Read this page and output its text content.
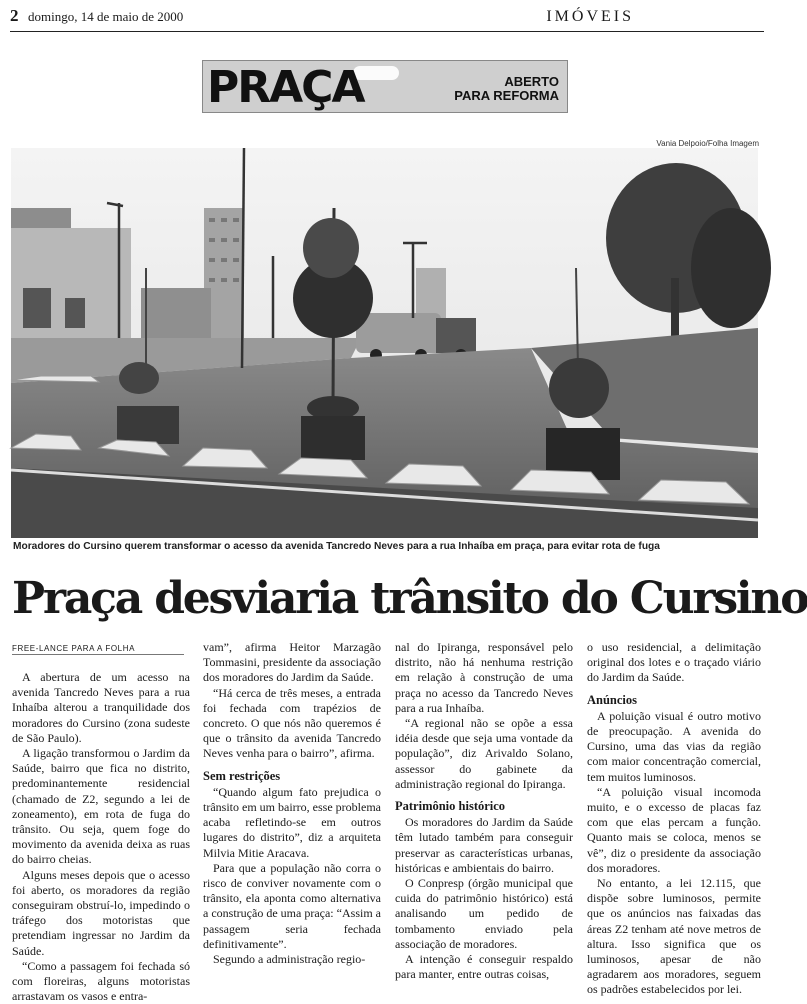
2 domingo, 14 de maio de 2000	IMÓVEIS
PRAÇA	ABERTO
PARA REFORMA
Vania Delpoio/Folha Imagem
Moradores do Cursino querem transformar o acesso da avenida Tancredo Neves para a rua Inhaíba em praça, para evitar rota de fuga
Praça desviaria trânsito do Cursino
FREE-LANCE PARA A FOLHA

A abertura de um acesso na avenida Tancredo Neves para a rua Inhaíba alterou a tranquilidade dos moradores do Cursino (zona sudeste de São Paulo).

A ligação transformou o Jardim da Saúde, bairro que fica no distrito, predominantemente residencial (chamado de Z2, segundo a lei de zoneamento), em rota de fuga do trânsito. Ou seja, quem foge do movimento da avenida deixa as ruas do bairro cheias.

Alguns meses depois que o acesso foi aberto, os moradores da região conseguiram obstruí-lo, impedindo o tráfego dos motoristas que pretendiam ingressar no Jardim da Saúde.

“Como a passagem foi fechada só com floreiras, alguns motoristas arrastavam os vasos e entra-

vam”, afirma Heitor Marzagão Tommasini, presidente da associação dos moradores do Jardim da Saúde.

“Há cerca de três meses, a entrada foi fechada com trapézios de concreto. O que nós não queremos é que o trânsito da avenida Tancredo Neves venha para o bairro”, afirma.

Sem restrições

“Quando algum fato prejudica o trânsito em um bairro, esse problema acaba refletindo-se em outros lugares do distrito”, diz a arquiteta Milvia Mitie Aracava.

Para que a população não corra o risco de conviver novamente com o trânsito, ela aponta como alternativa a construção de uma praça: “Assim a passagem seria fechada definitivamente”.

Segundo a administração regio-

nal do Ipiranga, responsável pelo distrito, não há nenhuma restrição em relação à construção de uma praça no acesso da Tancredo Neves para a rua Inhaíba.

“A regional não se opõe a essa idéia desde que seja uma vontade da população”, diz Arivaldo Solano, assessor do gabinete da administração regional do Ipiranga.

Patrimônio histórico

Os moradores do Jardim da Saúde têm lutado também para conseguir preservar as características urbanas, históricas e ambientais do bairro.

O Conpresp (órgão municipal que cuida do patrimônio histórico) está analisando um pedido de tombamento enviado pela associação de moradores.

A intenção é conseguir respaldo para manter, entre outras coisas,

o uso residencial, a delimitação original dos lotes e o traçado viário do Jardim da Saúde.

Anúncios

A poluição visual é outro motivo de preocupação. A avenida do Cursino, uma das vias da região com maior concentração comercial, tem muitos luminosos.

“A poluição visual incomoda muito, e o excesso de placas faz com que elas percam a função. Quanto mais se coloca, menos se vê”, diz o presidente da associação dos moradores.

No entanto, a lei 12.115, que dispõe sobre luminosos, permite que os anúncios nas faixadas das áreas Z2 tenham até nove metros de altura. Isso significa que os luminosos, apesar de não agradarem aos moradores, seguem os padrões estabelecidos por lei.
